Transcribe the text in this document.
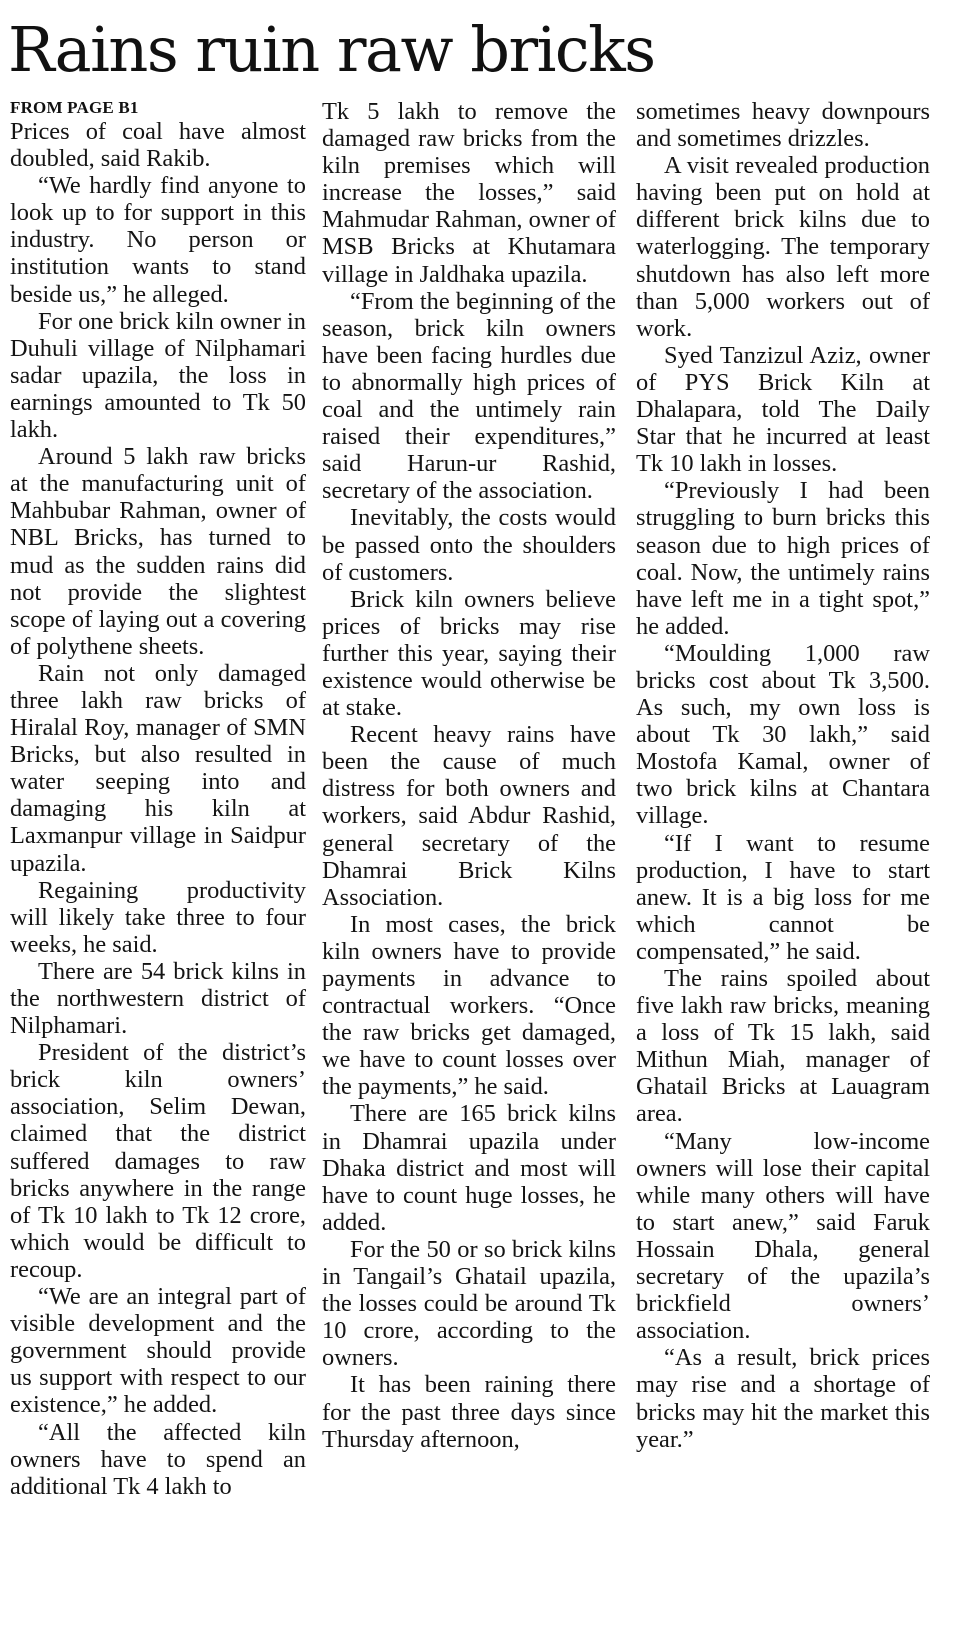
Rains ruin raw bricks
FROM PAGE B1

Prices of coal have almost doubled, said Rakib.

“We hardly find anyone to look up to for support in this industry. No person or institution wants to stand beside us,” he alleged.

For one brick kiln owner in Duhuli village of Nilphamari sadar upazila, the loss in earnings amounted to Tk 50 lakh.

Around 5 lakh raw bricks at the manufacturing unit of Mahbubar Rahman, owner of NBL Bricks, has turned to mud as the sudden rains did not provide the slightest scope of laying out a covering of polythene sheets.

Rain not only damaged three lakh raw bricks of Hiralal Roy, manager of SMN Bricks, but also resulted in water seeping into and damaging his kiln at Laxmanpur village in Saidpur upazila.

Regaining productivity will likely take three to four weeks, he said.

There are 54 brick kilns in the northwestern district of Nilphamari.

President of the district’s brick kiln owners’ association, Selim Dewan, claimed that the district suffered damages to raw bricks anywhere in the range of Tk 10 lakh to Tk 12 crore, which would be difficult to recoup.

“We are an integral part of visible development and the government should provide us support with respect to our existence,” he added.

“All the affected kiln owners have to spend an additional Tk 4 lakh to

Tk 5 lakh to remove the damaged raw bricks from the kiln premises which will increase the losses,” said Mahmudar Rahman, owner of MSB Bricks at Khutamara village in Jaldhaka upazila.

“From the beginning of the season, brick kiln owners have been facing hurdles due to abnormally high prices of coal and the untimely rain raised their expenditures,” said Harun-ur Rashid, secretary of the association.

Inevitably, the costs would be passed onto the shoulders of customers.

Brick kiln owners believe prices of bricks may rise further this year, saying their existence would otherwise be at stake.

Recent heavy rains have been the cause of much distress for both owners and workers, said Abdur Rashid, general secretary of the Dhamrai Brick Kilns Association.

In most cases, the brick kiln owners have to provide payments in advance to contractual workers. “Once the raw bricks get damaged, we have to count losses over the payments,” he said.

There are 165 brick kilns in Dhamrai upazila under Dhaka district and most will have to count huge losses, he added.

For the 50 or so brick kilns in Tangail’s Ghatail upazila, the losses could be around Tk 10 crore, according to the owners.

It has been raining there for the past three days since Thursday afternoon,

sometimes heavy downpours and sometimes drizzles.

A visit revealed production having been put on hold at different brick kilns due to waterlogging. The temporary shutdown has also left more than 5,000 workers out of work.

Syed Tanzizul Aziz, owner of PYS Brick Kiln at Dhalapara, told The Daily Star that he incurred at least Tk 10 lakh in losses.

“Previously I had been struggling to burn bricks this season due to high prices of coal. Now, the untimely rains have left me in a tight spot,” he added.

“Moulding 1,000 raw bricks cost about Tk 3,500. As such, my own loss is about Tk 30 lakh,” said Mostofa Kamal, owner of two brick kilns at Chantara village.

“If I want to resume production, I have to start anew. It is a big loss for me which cannot be compensated,” he said.

The rains spoiled about five lakh raw bricks, meaning a loss of Tk 15 lakh, said Mithun Miah, manager of Ghatail Bricks at Lauagram area.

“Many low-income owners will lose their capital while many others will have to start anew,” said Faruk Hossain Dhala, general secretary of the upazila’s brickfield owners’ association.

“As a result, brick prices may rise and a shortage of bricks may hit the market this year.”
